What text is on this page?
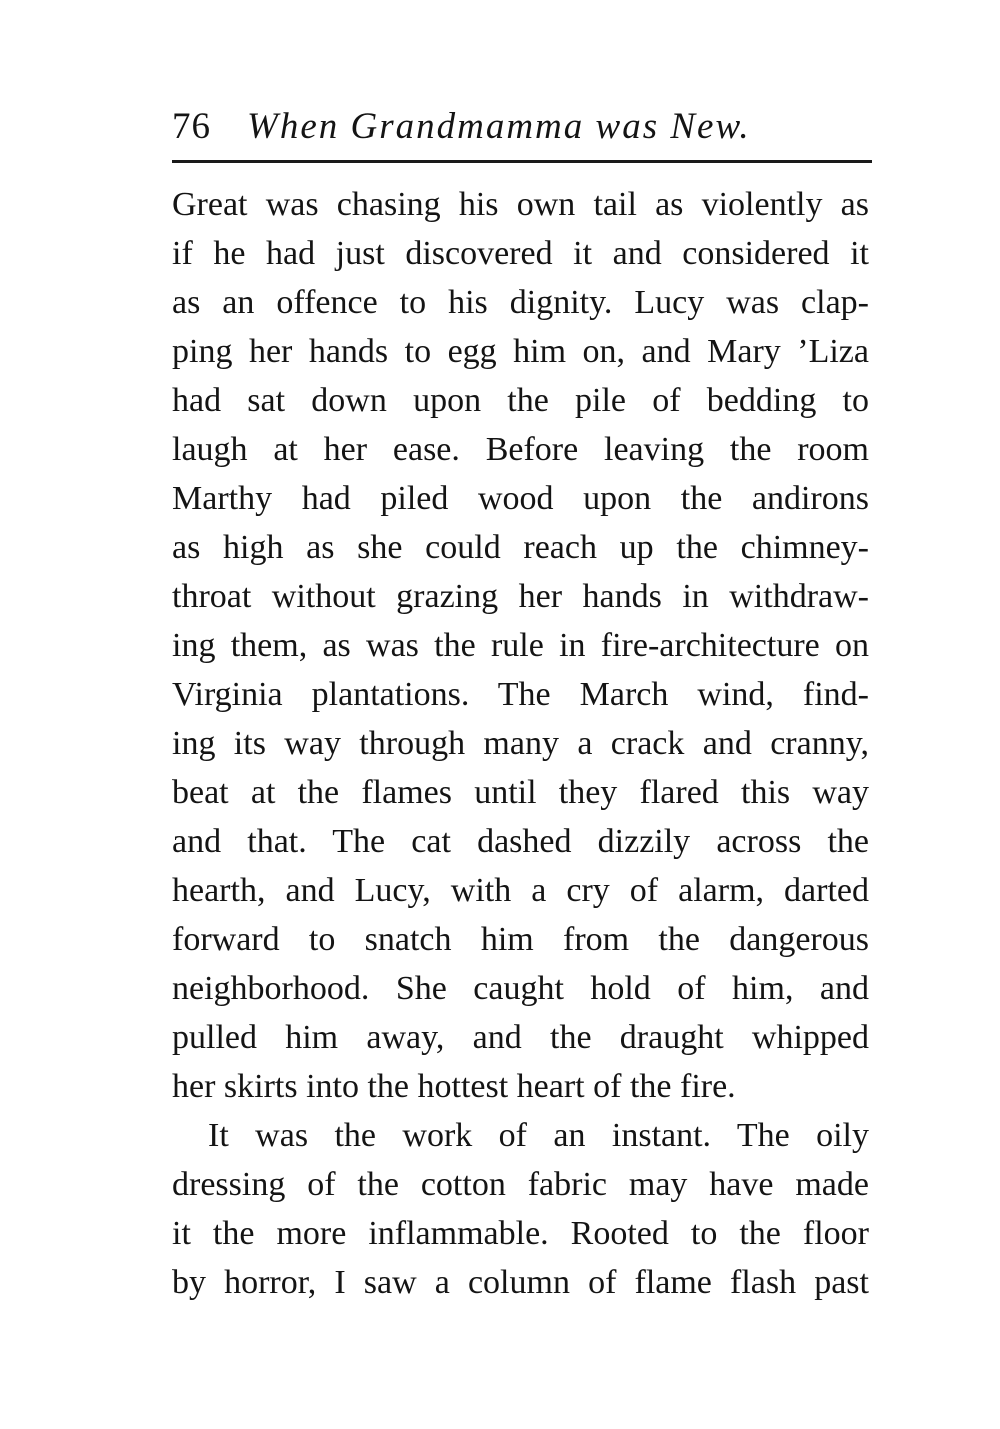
76 When Grandmamma was New.
Great was chasing his own tail as violently as
if he had just discovered it and considered it
as an offence to his dignity. Lucy was clap-
ping her hands to egg him on, and Mary ’Liza
had sat down upon the pile of bedding to
laugh at her ease. Before leaving the room
Marthy had piled wood upon the andirons
as high as she could reach up the chimney-
throat without grazing her hands in withdraw-
ing them, as was the rule in fire-architecture on
Virginia plantations. The March wind, find-
ing its way through many a crack and cranny,
beat at the flames until they flared this way
and that. The cat dashed dizzily across the
hearth, and Lucy, with a cry of alarm, darted
forward to snatch him from the dangerous
neighborhood. She caught hold of him, and
pulled him away, and the draught whipped
her skirts into the hottest heart of the fire.
It was the work of an instant. The oily
dressing of the cotton fabric may have made
it the more inflammable. Rooted to the floor
by horror, I saw a column of flame flash past
